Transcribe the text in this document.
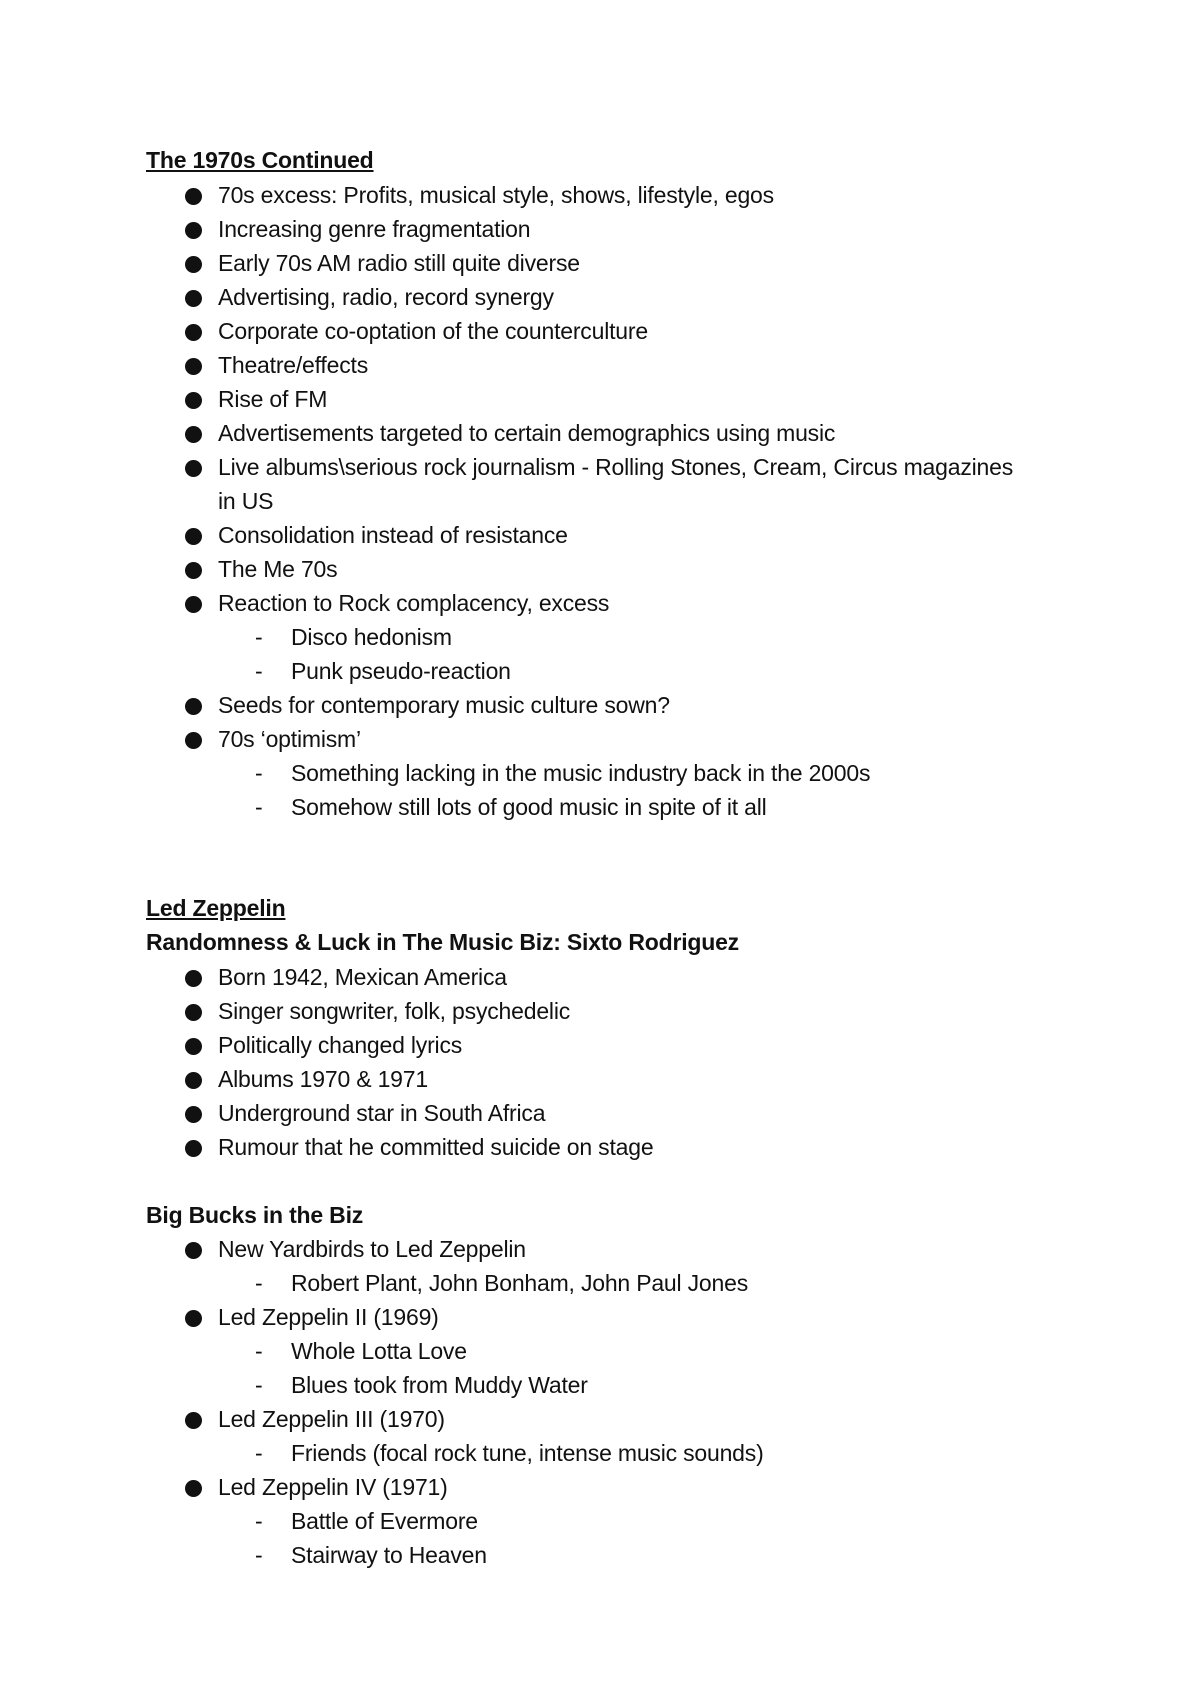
The 1970s Continued
70s excess: Profits, musical style, shows, lifestyle, egos
Increasing genre fragmentation
Early 70s AM radio still quite diverse
Advertising, radio, record synergy
Corporate co-optation of the counterculture
Theatre/effects
Rise of FM
Advertisements targeted to certain demographics using music
Live albums\serious rock journalism - Rolling Stones, Cream, Circus magazines
in US
Consolidation instead of resistance
The Me 70s
Reaction to Rock complacency, excess
- Disco hedonism
- Punk pseudo-reaction
Seeds for contemporary music culture sown?
70s ‘optimism’
- Something lacking in the music industry back in the 2000s
- Somehow still lots of good music in spite of it all
Led Zeppelin
Randomness & Luck in The Music Biz: Sixto Rodriguez
Born 1942, Mexican America
Singer songwriter, folk, psychedelic
Politically changed lyrics
Albums 1970 & 1971
Underground star in South Africa
Rumour that he committed suicide on stage
Big Bucks in the Biz
New Yardbirds to Led Zeppelin
- Robert Plant, John Bonham, John Paul Jones
Led Zeppelin II (1969)
- Whole Lotta Love
- Blues took from Muddy Water
Led Zeppelin III (1970)
- Friends (focal rock tune, intense music sounds)
Led Zeppelin IV (1971)
- Battle of Evermore
- Stairway to Heaven
